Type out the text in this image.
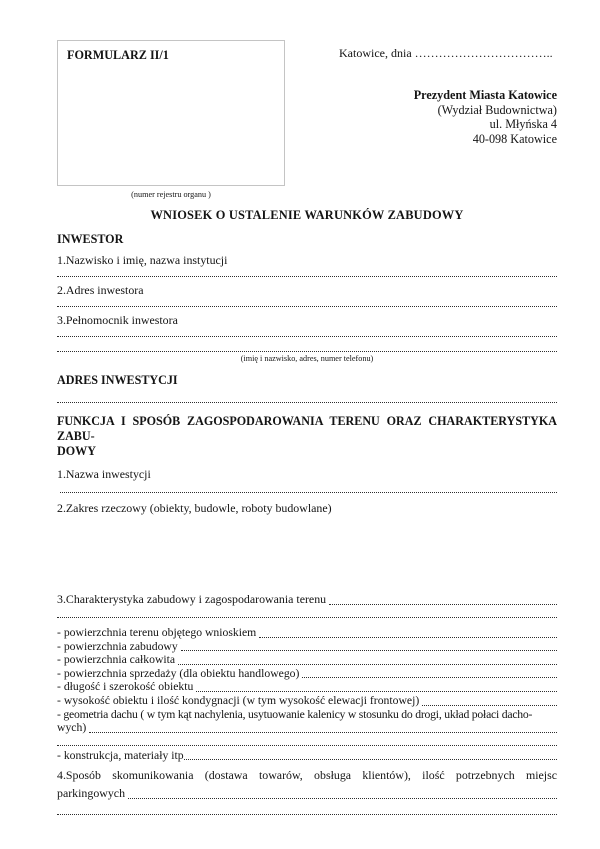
FORMULARZ II/1
(numer rejestru organu )
Katowice, dnia ……………………………..
Prezydent Miasta Katowice
(Wydział Budownictwa)
ul. Młyńska 4
40-098 Katowice
WNIOSEK O USTALENIE WARUNKÓW ZABUDOWY
INWESTOR
1.Nazwisko i imię, nazwa instytucji
2.Adres inwestora
3.Pełnomocnik inwestora
(imię i nazwisko, adres, numer telefonu)
ADRES INWESTYCJI
FUNKCJA I SPOSÓB ZAGOSPODAROWANIA TERENU ORAZ CHARAKTERYSTYKA ZABU-
DOWY
1.Nazwa inwestycji
2.Zakres rzeczowy (obiekty, budowle, roboty budowlane)
3.Charakterystyka zabudowy i zagospodarowania terenu
- powierzchnia terenu objętego wnioskiem
- powierzchnia zabudowy
- powierzchnia całkowita
- powierzchnia sprzedaży (dla obiektu handlowego)
- długość i szerokość obiektu
- wysokość obiektu i ilość kondygnacji (w tym wysokość elewacji frontowej)
- geometria dachu ( w tym kąt nachylenia, usytuowanie kalenicy w stosunku do drogi, układ połaci dacho-
wych)
- konstrukcja, materiały itp
4.Sposób skomunikowania (dostawa towarów, obsługa klientów), ilość potrzebnych miejsc
parkingowych
